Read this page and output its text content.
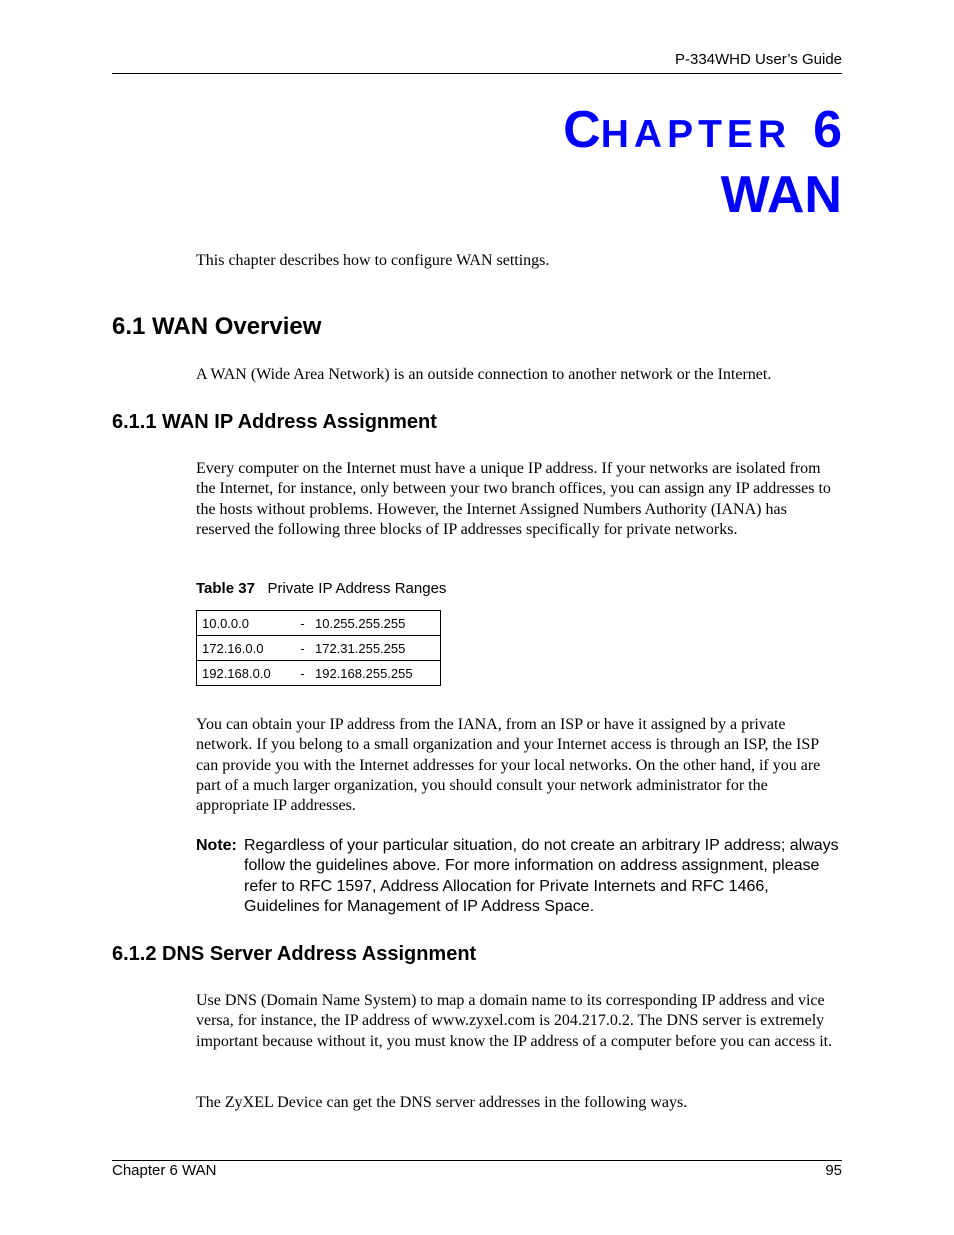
P-334WHD User’s Guide
CHAPTER 6
WAN
This chapter describes how to configure WAN settings.
6.1 WAN Overview
A WAN (Wide Area Network) is an outside connection to another network or the Internet.
6.1.1 WAN IP Address Assignment
Every computer on the Internet must have a unique IP address. If your networks are isolated from the Internet, for instance, only between your two branch offices, you can assign any IP addresses to the hosts without problems. However, the Internet Assigned Numbers Authority (IANA) has reserved the following three blocks of IP addresses specifically for private networks.
Table 37 Private IP Address Ranges
10.0.0.0	-	10.255.255.255
172.16.0.0	-	172.31.255.255
192.168.0.0	-	192.168.255.255
You can obtain your IP address from the IANA, from an ISP or have it assigned by a private network. If you belong to a small organization and your Internet access is through an ISP, the ISP can provide you with the Internet addresses for your local networks. On the other hand, if you are part of a much larger organization, you should consult your network administrator for the appropriate IP addresses.
Note: Regardless of your particular situation, do not create an arbitrary IP address; always follow the guidelines above. For more information on address assignment, please refer to RFC 1597, Address Allocation for Private Internets and RFC 1466, Guidelines for Management of IP Address Space.
6.1.2 DNS Server Address Assignment
Use DNS (Domain Name System) to map a domain name to its corresponding IP address and vice versa, for instance, the IP address of www.zyxel.com is 204.217.0.2. The DNS server is extremely important because without it, you must know the IP address of a computer before you can access it.
The ZyXEL Device can get the DNS server addresses in the following ways.
Chapter 6 WAN	95
